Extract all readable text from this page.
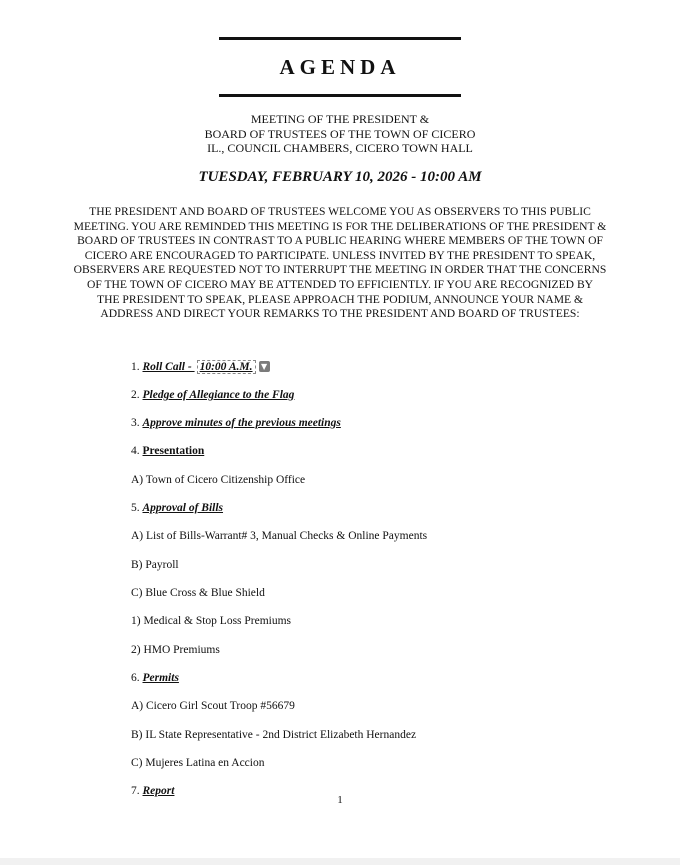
AGENDA
MEETING OF THE PRESIDENT &
BOARD OF TRUSTEES OF THE TOWN OF CICERO
IL., COUNCIL CHAMBERS, CICERO TOWN HALL
TUESDAY, FEBRUARY 10, 2026 - 10:00 AM
THE PRESIDENT AND BOARD OF TRUSTEES WELCOME YOU AS OBSERVERS TO THIS PUBLIC
MEETING. YOU ARE REMINDED THIS MEETING IS FOR THE DELIBERATIONS OF THE PRESIDENT &
BOARD OF TRUSTEES IN CONTRAST TO A PUBLIC HEARING WHERE MEMBERS OF THE TOWN OF
CICERO ARE ENCOURAGED TO PARTICIPATE. UNLESS INVITED BY THE PRESIDENT TO SPEAK,
OBSERVERS ARE REQUESTED NOT TO INTERRUPT THE MEETING IN ORDER THAT THE CONCERNS
OF THE TOWN OF CICERO MAY BE ATTENDED TO EFFICIENTLY. IF YOU ARE RECOGNIZED BY
THE PRESIDENT TO SPEAK, PLEASE APPROACH THE PODIUM, ANNOUNCE YOUR NAME &
ADDRESS AND DIRECT YOUR REMARKS TO THE PRESIDENT AND BOARD OF TRUSTEES:
1. Roll Call - 10:00 A.M. ▼
2. Pledge of Allegiance to the Flag
3. Approve minutes of the previous meetings
4. Presentation
A) Town of Cicero Citizenship Office
5. Approval of Bills
A) List of Bills-Warrant# 3, Manual Checks & Online Payments
B) Payroll
C) Blue Cross & Blue Shield
1) Medical & Stop Loss Premiums
2) HMO Premiums
6. Permits
A) Cicero Girl Scout Troop #56679
B) IL State Representative - 2nd District Elizabeth Hernandez
C) Mujeres Latina en Accion
7. Report
1
